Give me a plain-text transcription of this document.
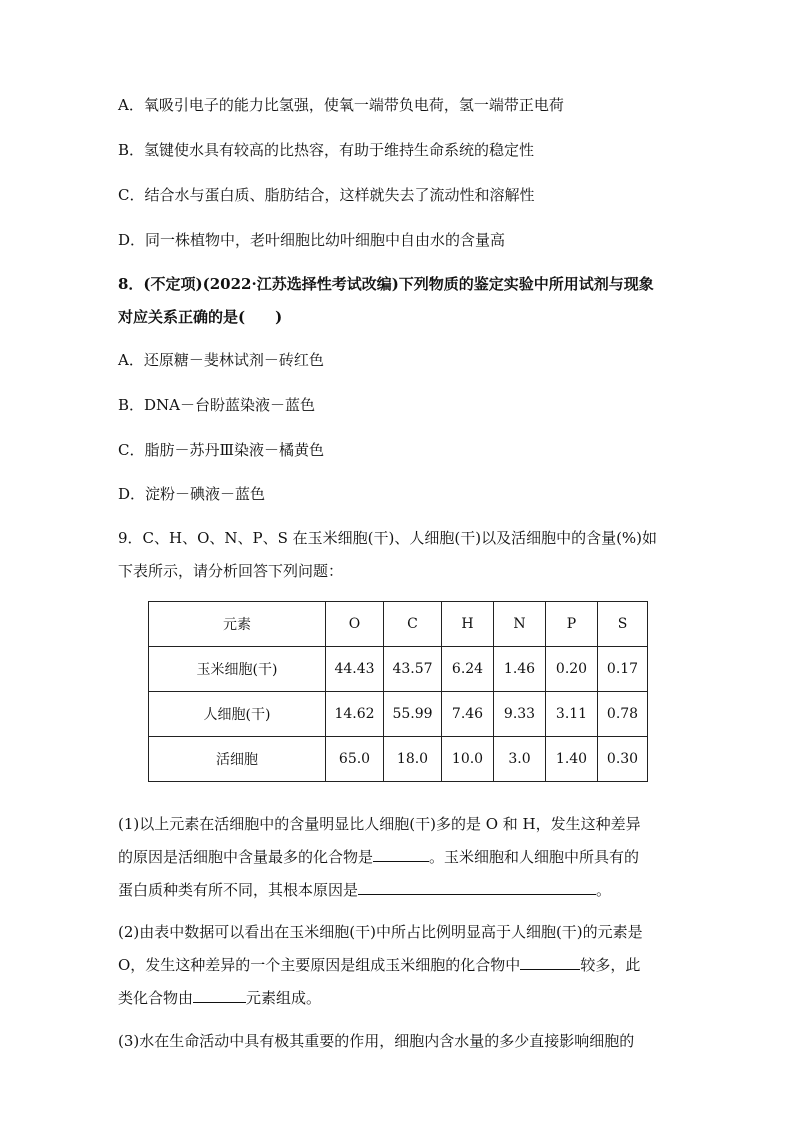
A．氧吸引电子的能力比氢强，使氧一端带负电荷，氢一端带正电荷
B．氢键使水具有较高的比热容，有助于维持生命系统的稳定性
C．结合水与蛋白质、脂肪结合，这样就失去了流动性和溶解性
D．同一株植物中，老叶细胞比幼叶细胞中自由水的含量高
8．(不定项)(2022·江苏选择性考试改编)下列物质的鉴定实验中所用试剂与现象
对应关系正确的是(　　)
A．还原糖－斐林试剂－砖红色
B．DNA－台盼蓝染液－蓝色
C．脂肪－苏丹Ⅲ染液－橘黄色
D．淀粉－碘液－蓝色
9．C、H、O、N、P、S 在玉米细胞(干)、人细胞(干)以及活细胞中的含量(%)如
下表所示，请分析回答下列问题：
元素	O	C	H	N	P	S
玉米细胞(干)	44.43	43.57	6.24	1.46	0.20	0.17
人细胞(干)	14.62	55.99	7.46	9.33	3.11	0.78
活细胞	65.0	18.0	10.0	3.0	1.40	0.30
(1)以上元素在活细胞中的含量明显比人细胞(干)多的是 O 和 H，发生这种差异
的原因是活细胞中含量最多的化合物是	。玉米细胞和人细胞中所具有的
蛋白质种类有所不同，其根本原因是	。
(2)由表中数据可以看出在玉米细胞(干)中所占比例明显高于人细胞(干)的元素是
O，发生这种差异的一个主要原因是组成玉米细胞的化合物中	较多，此
类化合物由	元素组成。
(3)水在生命活动中具有极其重要的作用，细胞内含水量的多少直接影响细胞的
